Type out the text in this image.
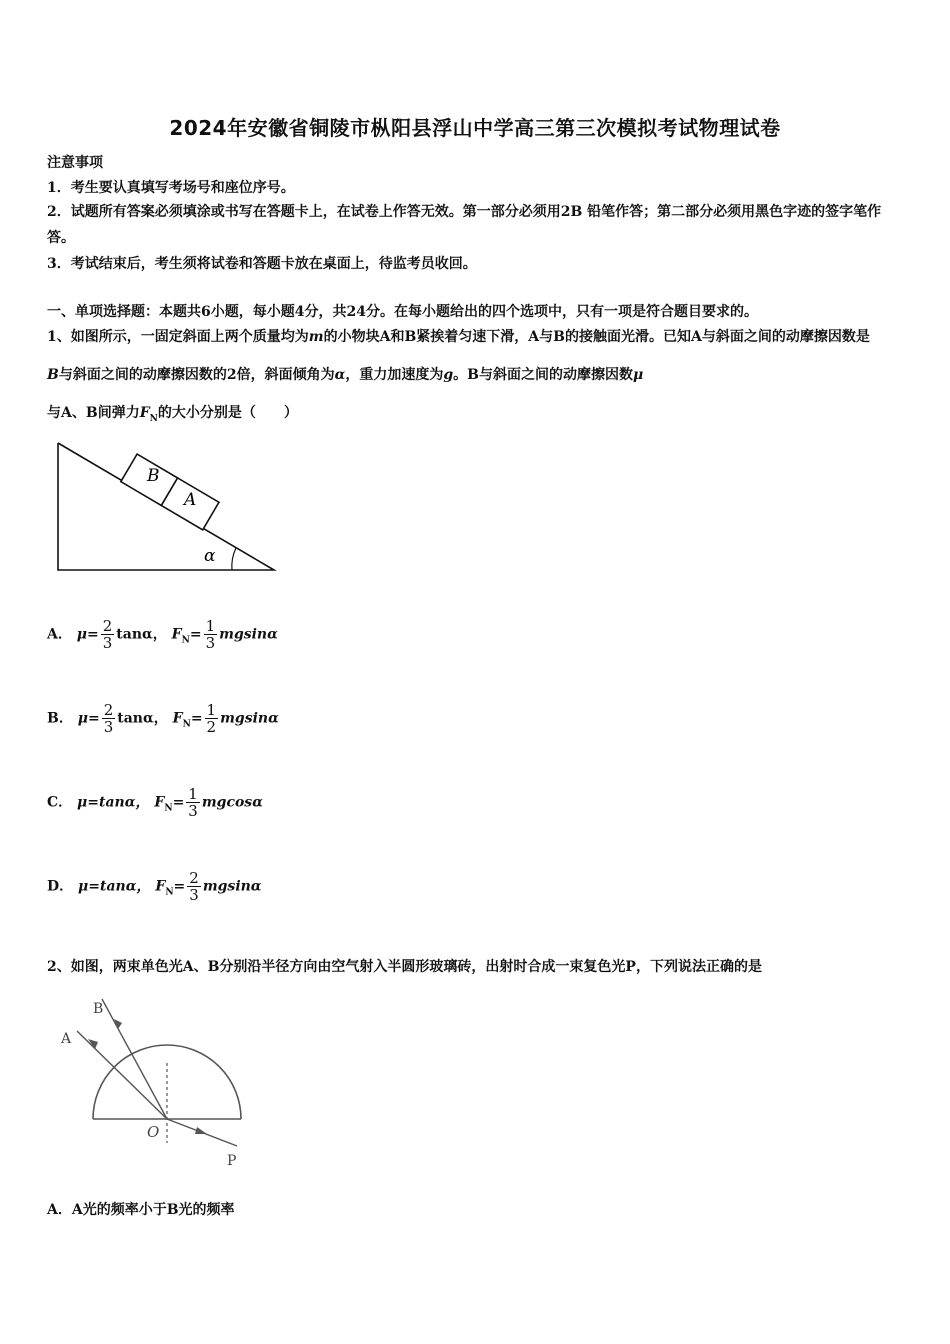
2024年安徽省铜陵市枞阳县浮山中学高三第三次模拟考试物理试卷
注意事项
1．考生要认真填写考场号和座位序号。
2．试题所有答案必须填涂或书写在答题卡上，在试卷上作答无效。第一部分必须用2B 铅笔作答；第二部分必须用黑色字迹的签字笔作答。
3．考试结束后，考生须将试卷和答题卡放在桌面上，待监考员收回。
一、单项选择题：本题共6小题，每小题4分，共24分。在每小题给出的四个选项中，只有一项是符合题目要求的。
1、如图所示，一固定斜面上两个质量均为m的小物块A和B紧挨着匀速下滑，A与B的接触面光滑。已知A与斜面之间的动摩擦因数是
B与斜面之间的动摩擦因数的2倍，斜面倾角为α，重力加速度为g。B与斜面之间的动摩擦因数μ
与A、B间弹力$F_N$的大小分别是（　　）
B
A
α
A． $\mu= \frac{2}{3}$ tanα， $F_N= \frac{1}{3}$ mgsinα
B． $\mu= \frac{2}{3}$ tanα， $F_N= \frac{1}{2}$ mgsinα
C． μ=tanα， $F_N= \frac{1}{3}$ mgcosα
D． μ=tanα， $F_N= \frac{2}{3}$ mgsinα
2、如图，两束单色光A、B分别沿半径方向由空气射入半圆形玻璃砖，出射时合成一束复色光P，下列说法正确的是
B
A
O
P
A．A光的频率小于B光的频率
